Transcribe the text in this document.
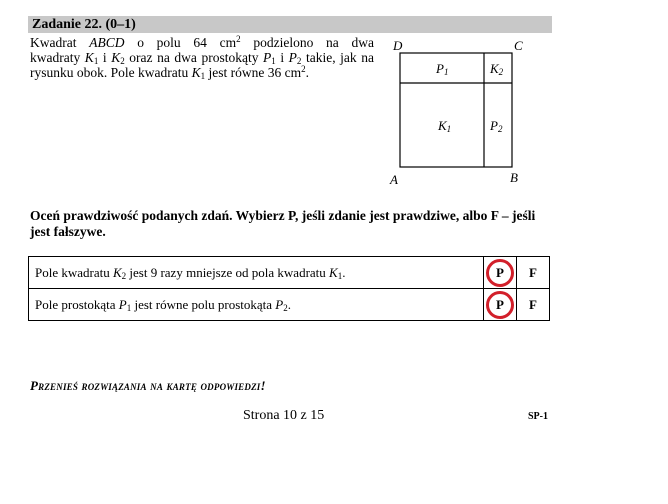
Zadanie 22. (0–1)
Kwadrat ABCD o polu 64 $cm^2$ podzielono na dwa
kwadraty $K_1$ i $K_2$ oraz na dwa prostokąty $P_1$ i $P_2$ takie, jak na
rysunku obok. Pole kwadratu $K_1$ jest równe 36 $cm^2$.
D	C
A	B
$P_1$	$K_2$
$K_1$	$P_2$
Oceń prawdziwość podanych zdań. Wybierz P, jeśli zdanie jest prawdziwe, albo F – jeśli jest fałszywe.
Pole kwadratu $K_2$ jest 9 razy mniejsze od pola kwadratu $K_1$.	P	F
Pole prostokąta $P_1$ jest równe polu prostokąta $P_2$.	P	F
Przenieś rozwiązania na kartę odpowiedzi!
Strona 10 z 15	SP-1
